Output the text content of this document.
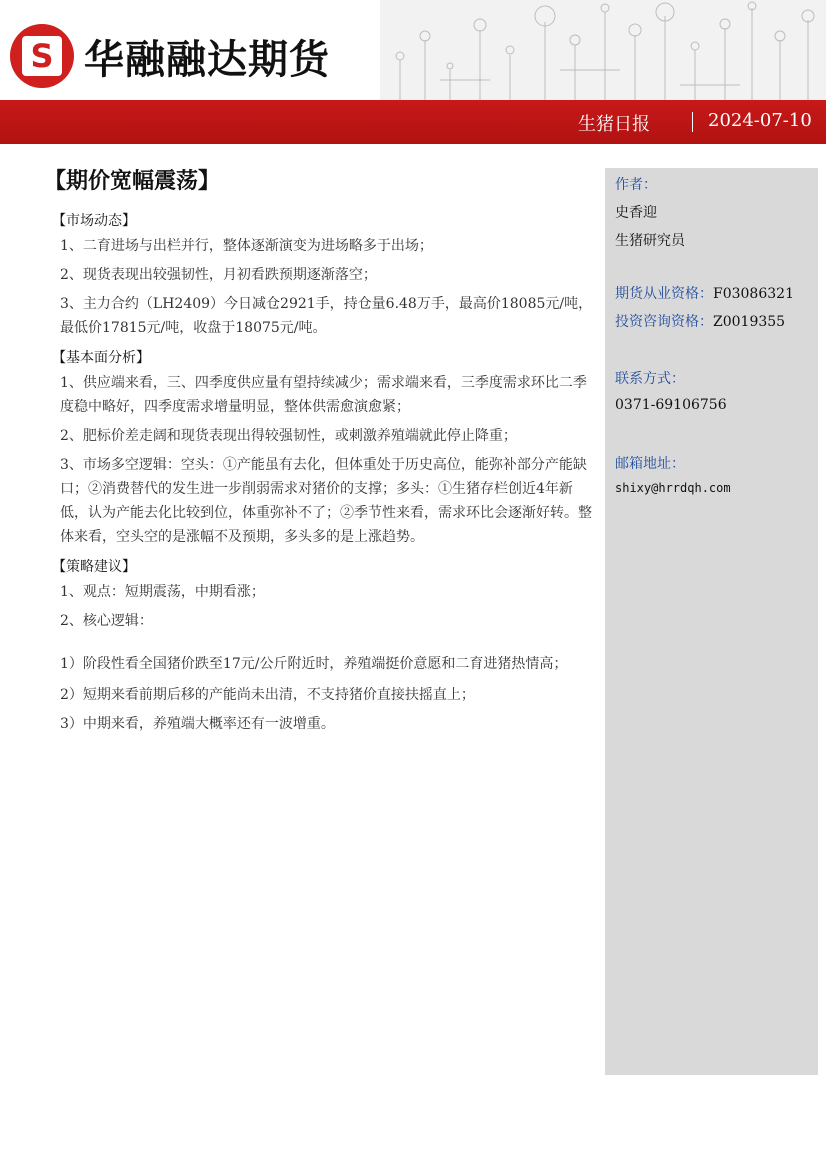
S 华融融达期货
生猪日报	2024-07-10
【期价宽幅震荡】
【市场动态】
1、二育进场与出栏并行，整体逐渐演变为进场略多于出场；
2、现货表现出较强韧性，月初看跌预期逐渐落空；
3、主力合约（LH2409）今日减仓2921手，持仓量6.48万手，最高价18085元/吨，最低价17815元/吨，收盘于18075元/吨。
【基本面分析】
1、供应端来看，三、四季度供应量有望持续减少；需求端来看，三季度需求环比二季度稳中略好，四季度需求增量明显，整体供需愈演愈紧；
2、肥标价差走阔和现货表现出得较强韧性，或刺激养殖端就此停止降重；
3、市场多空逻辑：空头：①产能虽有去化，但体重处于历史高位，能弥补部分产能缺口；②消费替代的发生进一步削弱需求对猪价的支撑；多头：①生猪存栏创近4年新低，认为产能去化比较到位，体重弥补不了；②季节性来看，需求环比会逐渐好转。整体来看，空头空的是涨幅不及预期，多头多的是上涨趋势。
【策略建议】
1、观点：短期震荡，中期看涨；
2、核心逻辑：
1）阶段性看全国猪价跌至17元/公斤附近时，养殖端挺价意愿和二育进猪热情高；
2）短期来看前期后移的产能尚未出清，不支持猪价直接扶摇直上；
3）中期来看，养殖端大概率还有一波增重。
作者：
史香迎
生猪研究员
期货从业资格：F03086321
投资咨询资格：Z0019355
联系方式：
0371-69106756
邮箱地址：
shixy@hrrdqh.com
